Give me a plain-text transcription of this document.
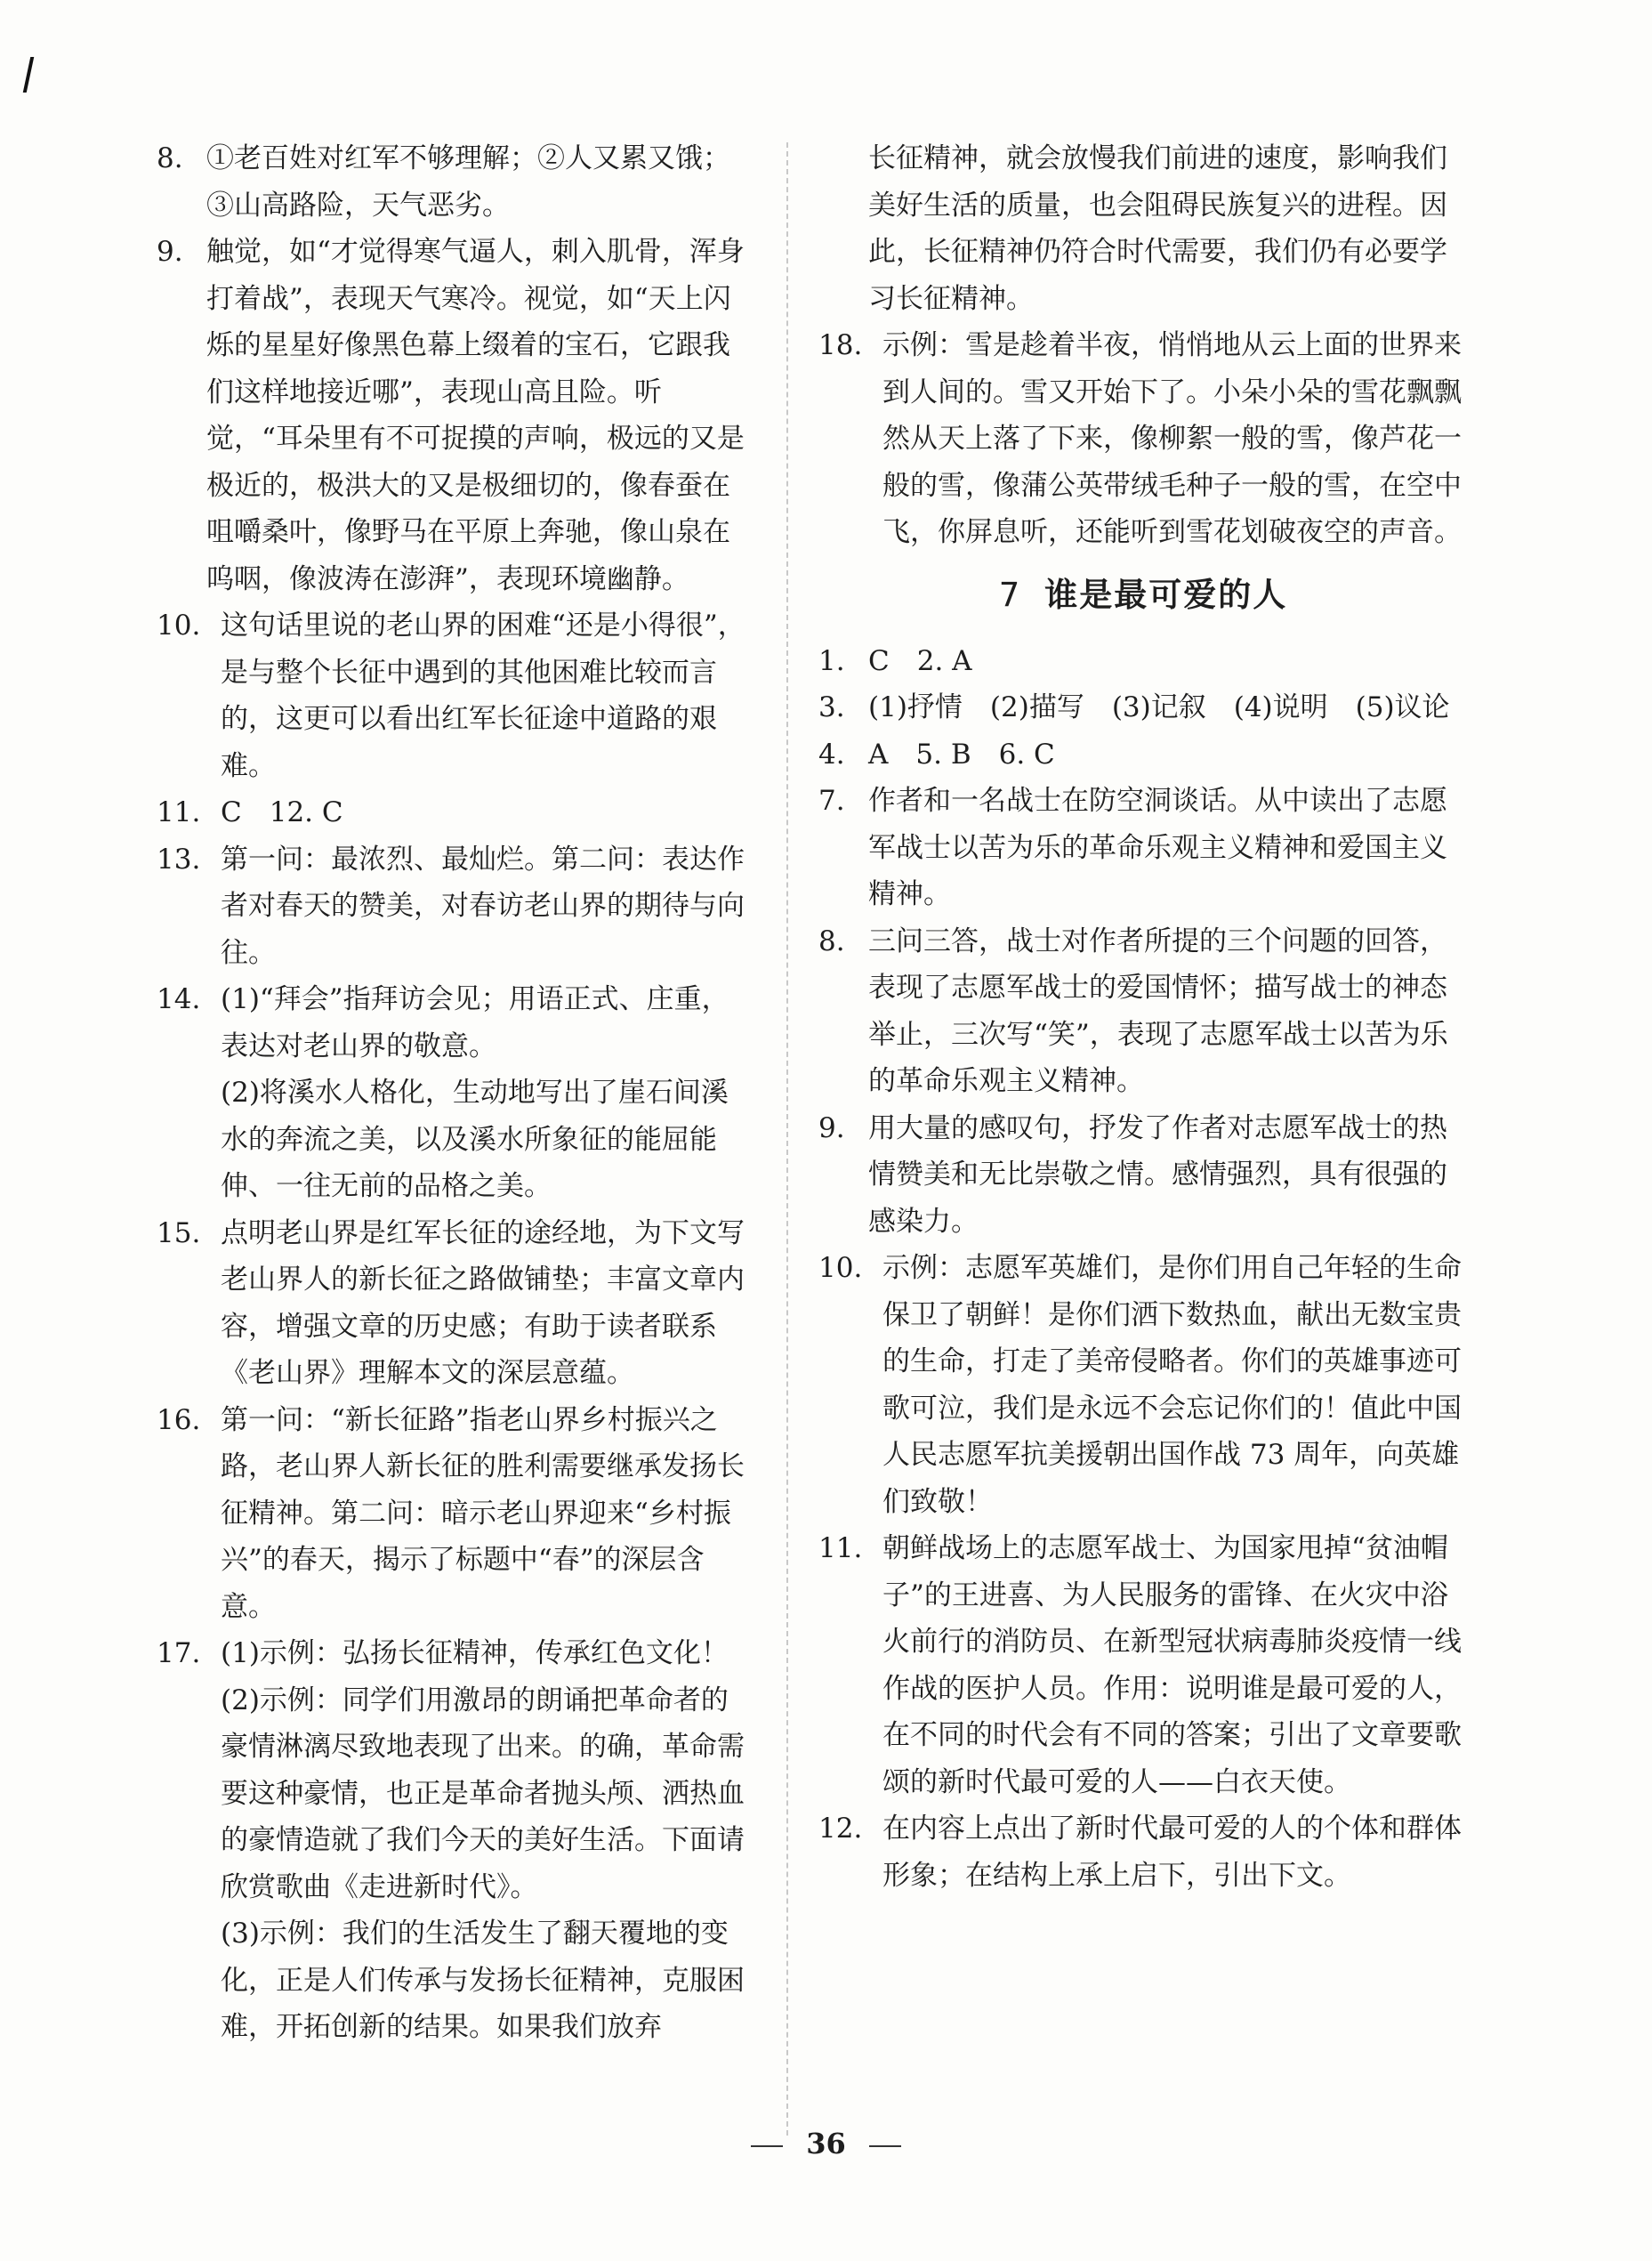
8. ①老百姓对红军不够理解；②人又累又饿；③山高路险，天气恶劣。
9. 触觉，如“才觉得寒气逼人，刺入肌骨，浑身打着战”，表现天气寒冷。视觉，如“天上闪烁的星星好像黑色幕上缀着的宝石，它跟我们这样地接近哪”，表现山高且险。听觉，“耳朵里有不可捉摸的声响，极远的又是极近的，极洪大的又是极细切的，像春蚕在咀嚼桑叶，像野马在平原上奔驰，像山泉在呜咽，像波涛在澎湃”，表现环境幽静。
10. 这句话里说的老山界的困难“还是小得很”，是与整个长征中遇到的其他困难比较而言的，这更可以看出红军长征途中道路的艰难。
11. C　12. C
13. 第一问：最浓烈、最灿烂。第二问：表达作者对春天的赞美，对春访老山界的期待与向往。
14. (1)“拜会”指拜访会见；用语正式、庄重，表达对老山界的敬意。
(2)将溪水人格化，生动地写出了崖石间溪水的奔流之美，以及溪水所象征的能屈能伸、一往无前的品格之美。
15. 点明老山界是红军长征的途经地，为下文写老山界人的新长征之路做铺垫；丰富文章内容，增强文章的历史感；有助于读者联系《老山界》理解本文的深层意蕴。
16. 第一问：“新长征路”指老山界乡村振兴之路，老山界人新长征的胜利需要继承发扬长征精神。第二问：暗示老山界迎来“乡村振兴”的春天，揭示了标题中“春”的深层含意。
17. (1)示例：弘扬长征精神，传承红色文化！
(2)示例：同学们用激昂的朗诵把革命者的豪情淋漓尽致地表现了出来。的确，革命需要这种豪情，也正是革命者抛头颅、洒热血的豪情造就了我们今天的美好生活。下面请欣赏歌曲《走进新时代》。
(3)示例：我们的生活发生了翻天覆地的变化，正是人们传承与发扬长征精神，克服困难，开拓创新的结果。如果我们放弃
长征精神，就会放慢我们前进的速度，影响我们美好生活的质量，也会阻碍民族复兴的进程。因此，长征精神仍符合时代需要，我们仍有必要学习长征精神。
18. 示例：雪是趁着半夜，悄悄地从云上面的世界来到人间的。雪又开始下了。小朵小朵的雪花飘飘然从天上落了下来，像柳絮一般的雪，像芦花一般的雪，像蒲公英带绒毛种子一般的雪，在空中飞，你屏息听，还能听到雪花划破夜空的声音。
7 谁是最可爱的人
1. C　2. A
3. (1)抒情　(2)描写　(3)记叙　(4)说明　(5)议论
4. A　5. B　6. C
7. 作者和一名战士在防空洞谈话。从中读出了志愿军战士以苦为乐的革命乐观主义精神和爱国主义精神。
8. 三问三答，战士对作者所提的三个问题的回答，表现了志愿军战士的爱国情怀；描写战士的神态举止，三次写“笑”，表现了志愿军战士以苦为乐的革命乐观主义精神。
9. 用大量的感叹句，抒发了作者对志愿军战士的热情赞美和无比崇敬之情。感情强烈，具有很强的感染力。
10. 示例：志愿军英雄们，是你们用自己年轻的生命保卫了朝鲜！是你们洒下数热血，献出无数宝贵的生命，打走了美帝侵略者。你们的英雄事迹可歌可泣，我们是永远不会忘记你们的！值此中国人民志愿军抗美援朝出国作战 73 周年，向英雄们致敬！
11. 朝鲜战场上的志愿军战士、为国家甩掉“贫油帽子”的王进喜、为人民服务的雷锋、在火灾中浴火前行的消防员、在新型冠状病毒肺炎疫情一线作战的医护人员。作用：说明谁是最可爱的人，在不同的时代会有不同的答案；引出了文章要歌颂的新时代最可爱的人——白衣天使。
12. 在内容上点出了新时代最可爱的人的个体和群体形象；在结构上承上启下，引出下文。
36
